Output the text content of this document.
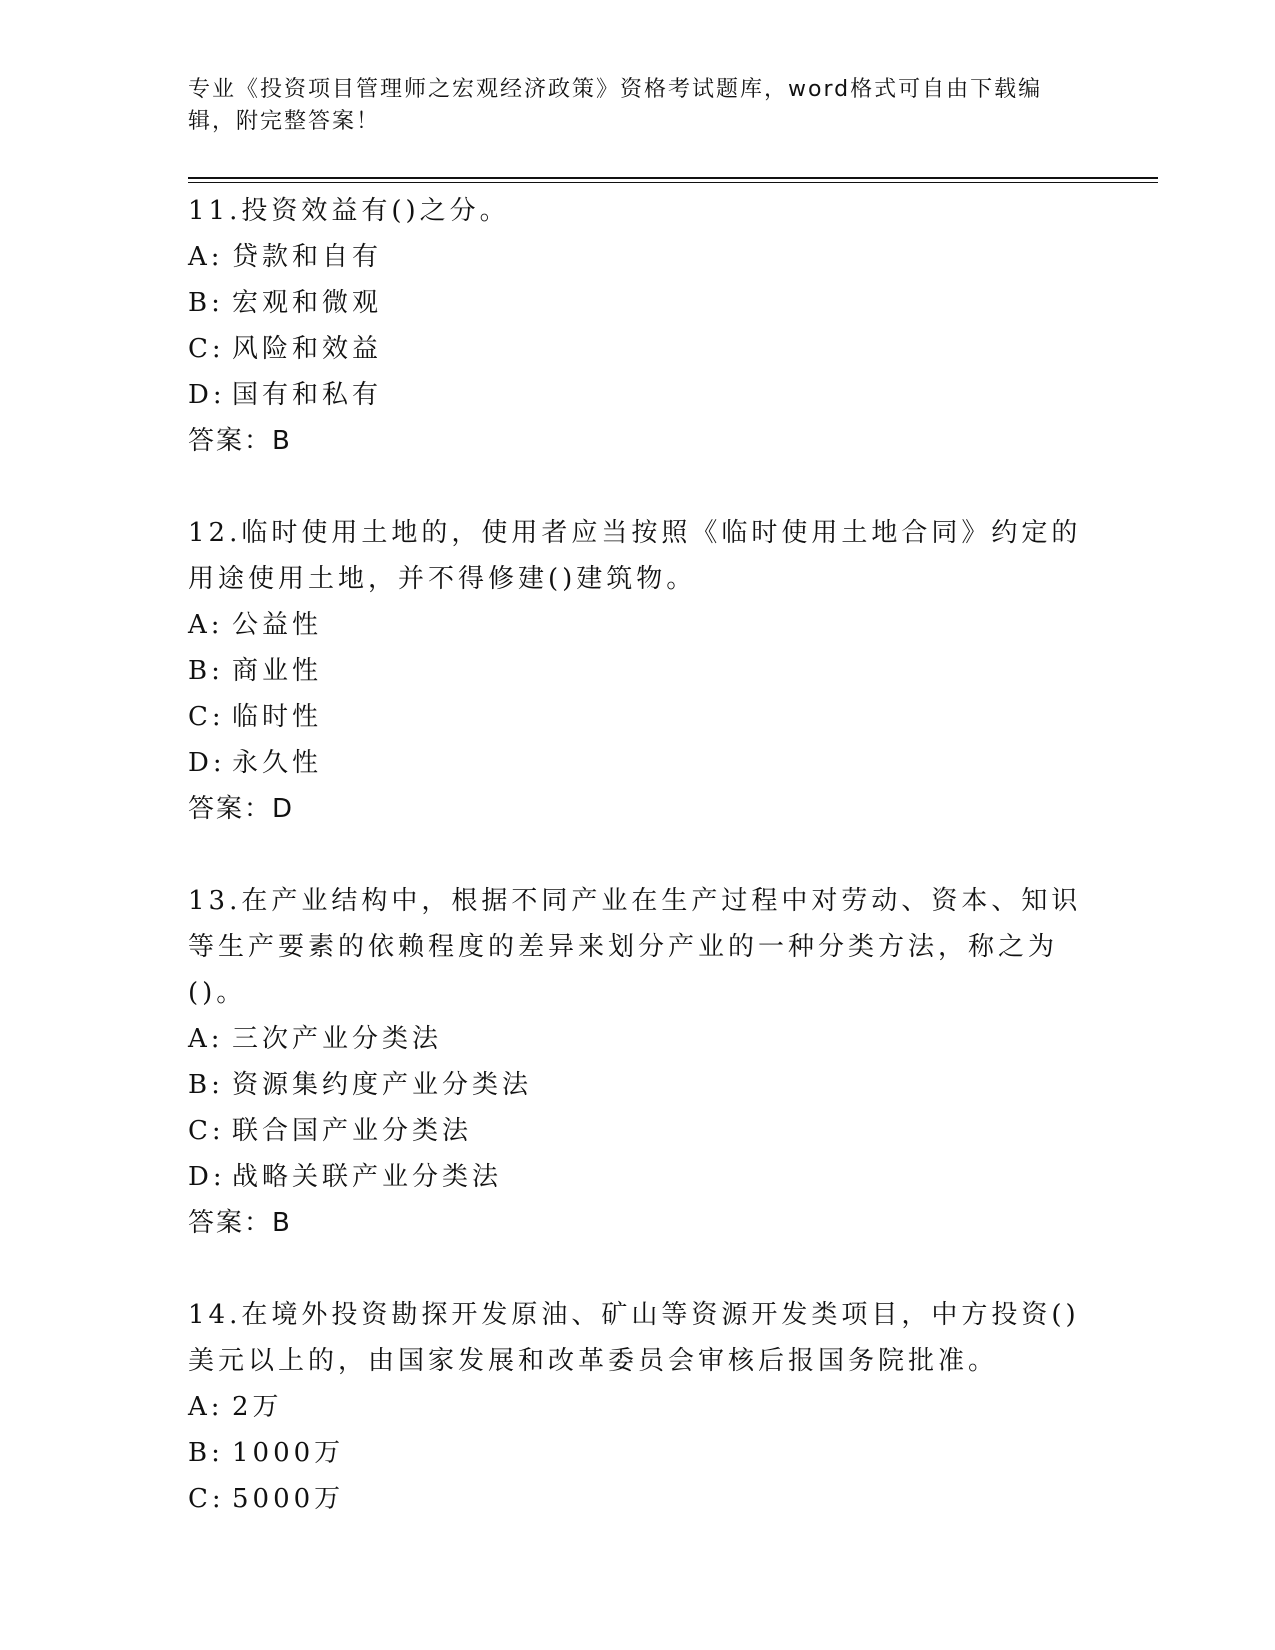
专业《投资项目管理师之宏观经济政策》资格考试题库，word格式可自由下载编辑，附完整答案！
11.投资效益有()之分。
A: 贷款和自有
B: 宏观和微观
C: 风险和效益
D: 国有和私有
答案：B
12.临时使用土地的，使用者应当按照《临时使用土地合同》约定的用途使用土地，并不得修建()建筑物。
A: 公益性
B: 商业性
C: 临时性
D: 永久性
答案：D
13.在产业结构中，根据不同产业在生产过程中对劳动、资本、知识等生产要素的依赖程度的差异来划分产业的一种分类方法，称之为()。
A: 三次产业分类法
B: 资源集约度产业分类法
C: 联合国产业分类法
D: 战略关联产业分类法
答案：B
14.在境外投资勘探开发原油、矿山等资源开发类项目，中方投资()美元以上的，由国家发展和改革委员会审核后报国务院批准。
A: 2万
B: 1000万
C: 5000万
